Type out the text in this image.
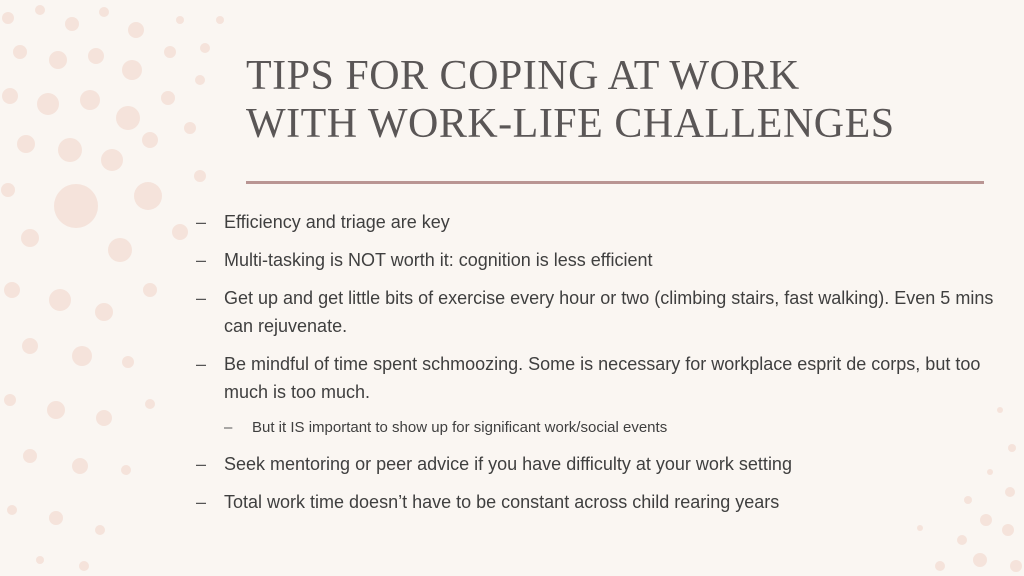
TIPS FOR COPING AT WORK
WITH WORK-LIFE CHALLENGES
– Efficiency and triage are key
– Multi-tasking is NOT worth it: cognition is less efficient
– Get up and get little bits of exercise every hour or two (climbing stairs, fast walking). Even 5 mins can rejuvenate.
– Be mindful of time spent schmoozing. Some is necessary for workplace esprit de corps, but too much is too much.
– But it IS important to show up for significant work/social events
– Seek mentoring or peer advice if you have difficulty at your work setting
– Total work time doesn’t have to be constant across child rearing years
